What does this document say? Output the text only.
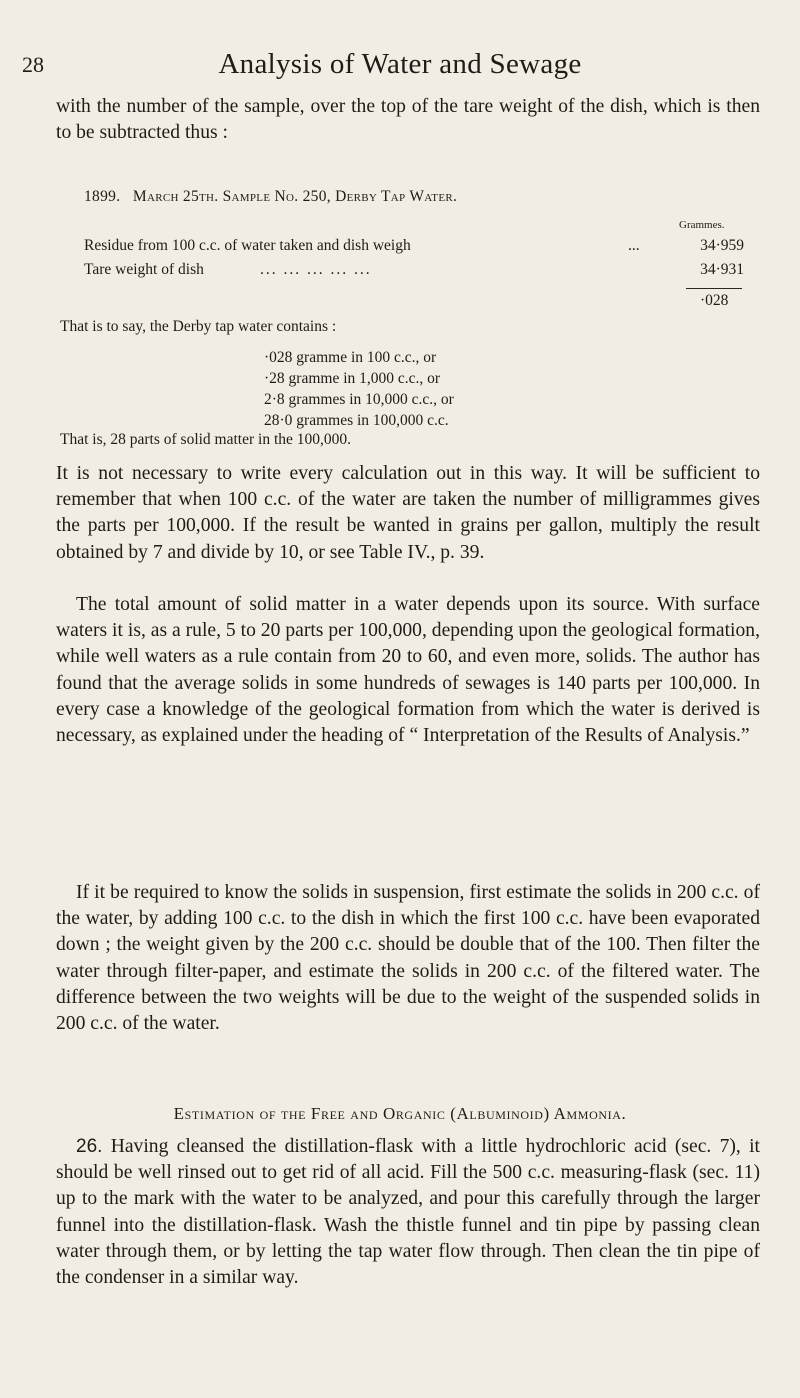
28	Analysis of Water and Sewage

with the number of the sample, over the top of the tare weight of the dish, which is then to be subtracted thus :

1899. March 25th. Sample No. 250, Derby Tap Water.
Grammes.
Residue from 100 c.c. of water taken and dish weigh	...	34·959
Tare weight of dish	... ... ... ... ...	34·931
·028
That is to say, the Derby tap water contains :
·028 gramme in 100 c.c., or
·28 gramme in 1,000 c.c., or
2·8 grammes in 10,000 c.c., or
28·0 grammes in 100,000 c.c.
That is, 28 parts of solid matter in the 100,000.

It is not necessary to write every calculation out in this way. It will be sufficient to remember that when 100 c.c. of the water are taken the number of milligrammes gives the parts per 100,000. If the result be wanted in grains per gallon, multiply the result obtained by 7 and divide by 10, or see Table IV., p. 39.

The total amount of solid matter in a water depends upon its source. With surface waters it is, as a rule, 5 to 20 parts per 100,000, depending upon the geological formation, while well waters as a rule contain from 20 to 60, and even more, solids. The author has found that the average solids in some hundreds of sewages is 140 parts per 100,000. In every case a knowledge of the geological formation from which the water is derived is necessary, as explained under the heading of “ Interpretation of the Results of Analysis.”

If it be required to know the solids in suspension, first estimate the solids in 200 c.c. of the water, by adding 100 c.c. to the dish in which the first 100 c.c. have been evaporated down ; the weight given by the 200 c.c. should be double that of the 100. Then filter the water through filter-paper, and estimate the solids in 200 c.c. of the filtered water. The difference between the two weights will be due to the weight of the suspended solids in 200 c.c. of the water.

Estimation of the Free and Organic (Albuminoid) Ammonia.

26. Having cleansed the distillation-flask with a little hydrochloric acid (sec. 7), it should be well rinsed out to get rid of all acid. Fill the 500 c.c. measuring-flask (sec. 11) up to the mark with the water to be analyzed, and pour this carefully through the larger funnel into the distillation-flask. Wash the thistle funnel and tin pipe by passing clean water through them, or by letting the tap water flow through. Then clean the tin pipe of the condenser in a similar way.
